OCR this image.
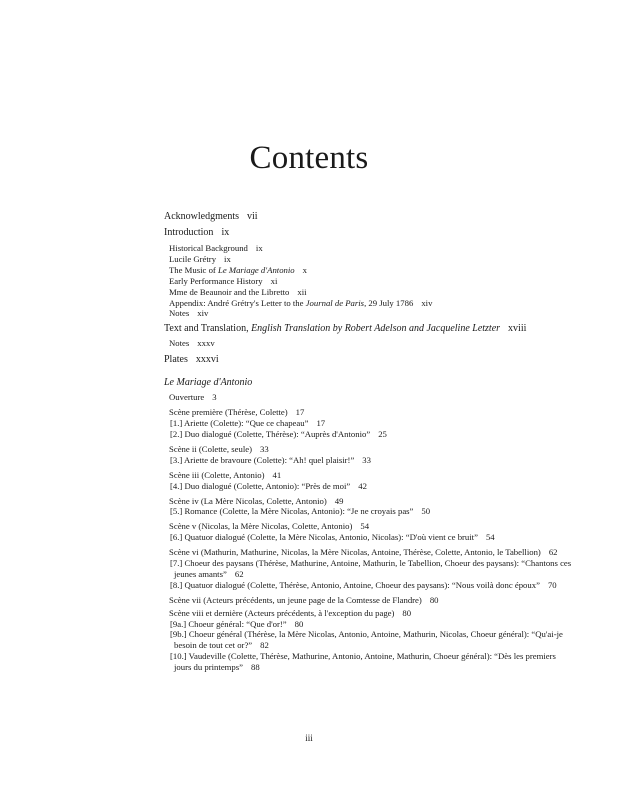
Contents
Acknowledgments vii
Introduction ix
Historical Background ix
Lucile Grétry ix
The Music of Le Mariage d'Antonio x
Early Performance History xi
Mme de Beaunoir and the Libretto xii
Appendix: André Grétry's Letter to the Journal de Paris, 29 July 1786 xiv
Notes xiv
Text and Translation, English Translation by Robert Adelson and Jacqueline Letzter xviii
Notes xxxv
Plates xxxvi
Le Mariage d'Antonio
Ouverture 3
Scène première (Thérèse, Colette) 17
[1.] Ariette (Colette): “Que ce chapeau” 17
[2.] Duo dialogué (Colette, Thérèse): “Auprès d'Antonio” 25
Scène ii (Colette, seule) 33
[3.] Ariette de bravoure (Colette): “Ah! quel plaisir!” 33
Scène iii (Colette, Antonio) 41
[4.] Duo dialogué (Colette, Antonio): “Près de moi” 42
Scène iv (La Mère Nicolas, Colette, Antonio) 49
[5.] Romance (Colette, la Mère Nicolas, Antonio): “Je ne croyais pas” 50
Scène v (Nicolas, la Mère Nicolas, Colette, Antonio) 54
[6.] Quatuor dialogué (Colette, la Mère Nicolas, Antonio, Nicolas): “D'où vient ce bruit” 54
Scène vi (Mathurin, Mathurine, Nicolas, la Mère Nicolas, Antoine, Thérèse, Colette, Antonio, le Tabellion) 62
[7.] Choeur des paysans (Thérèse, Mathurine, Antoine, Mathurin, le Tabellion, Choeur des paysans): “Chantons ces jeunes amants” 62
[8.] Quatuor dialogué (Colette, Thérèse, Antonio, Antoine, Choeur des paysans): “Nous voilà donc époux” 70
Scène vii (Acteurs précédents, un jeune page de la Comtesse de Flandre) 80
Scène viii et dernière (Acteurs précédents, à l'exception du page) 80
[9a.] Choeur général: “Que d'or!” 80
[9b.] Choeur général (Thérèse, la Mère Nicolas, Antonio, Antoine, Mathurin, Nicolas, Choeur général): “Qu'ai-je besoin de tout cet or?” 82
[10.] Vaudeville (Colette, Thérèse, Mathurine, Antonio, Antoine, Mathurin, Choeur général): “Dès les premiers jours du printemps” 88
iii
